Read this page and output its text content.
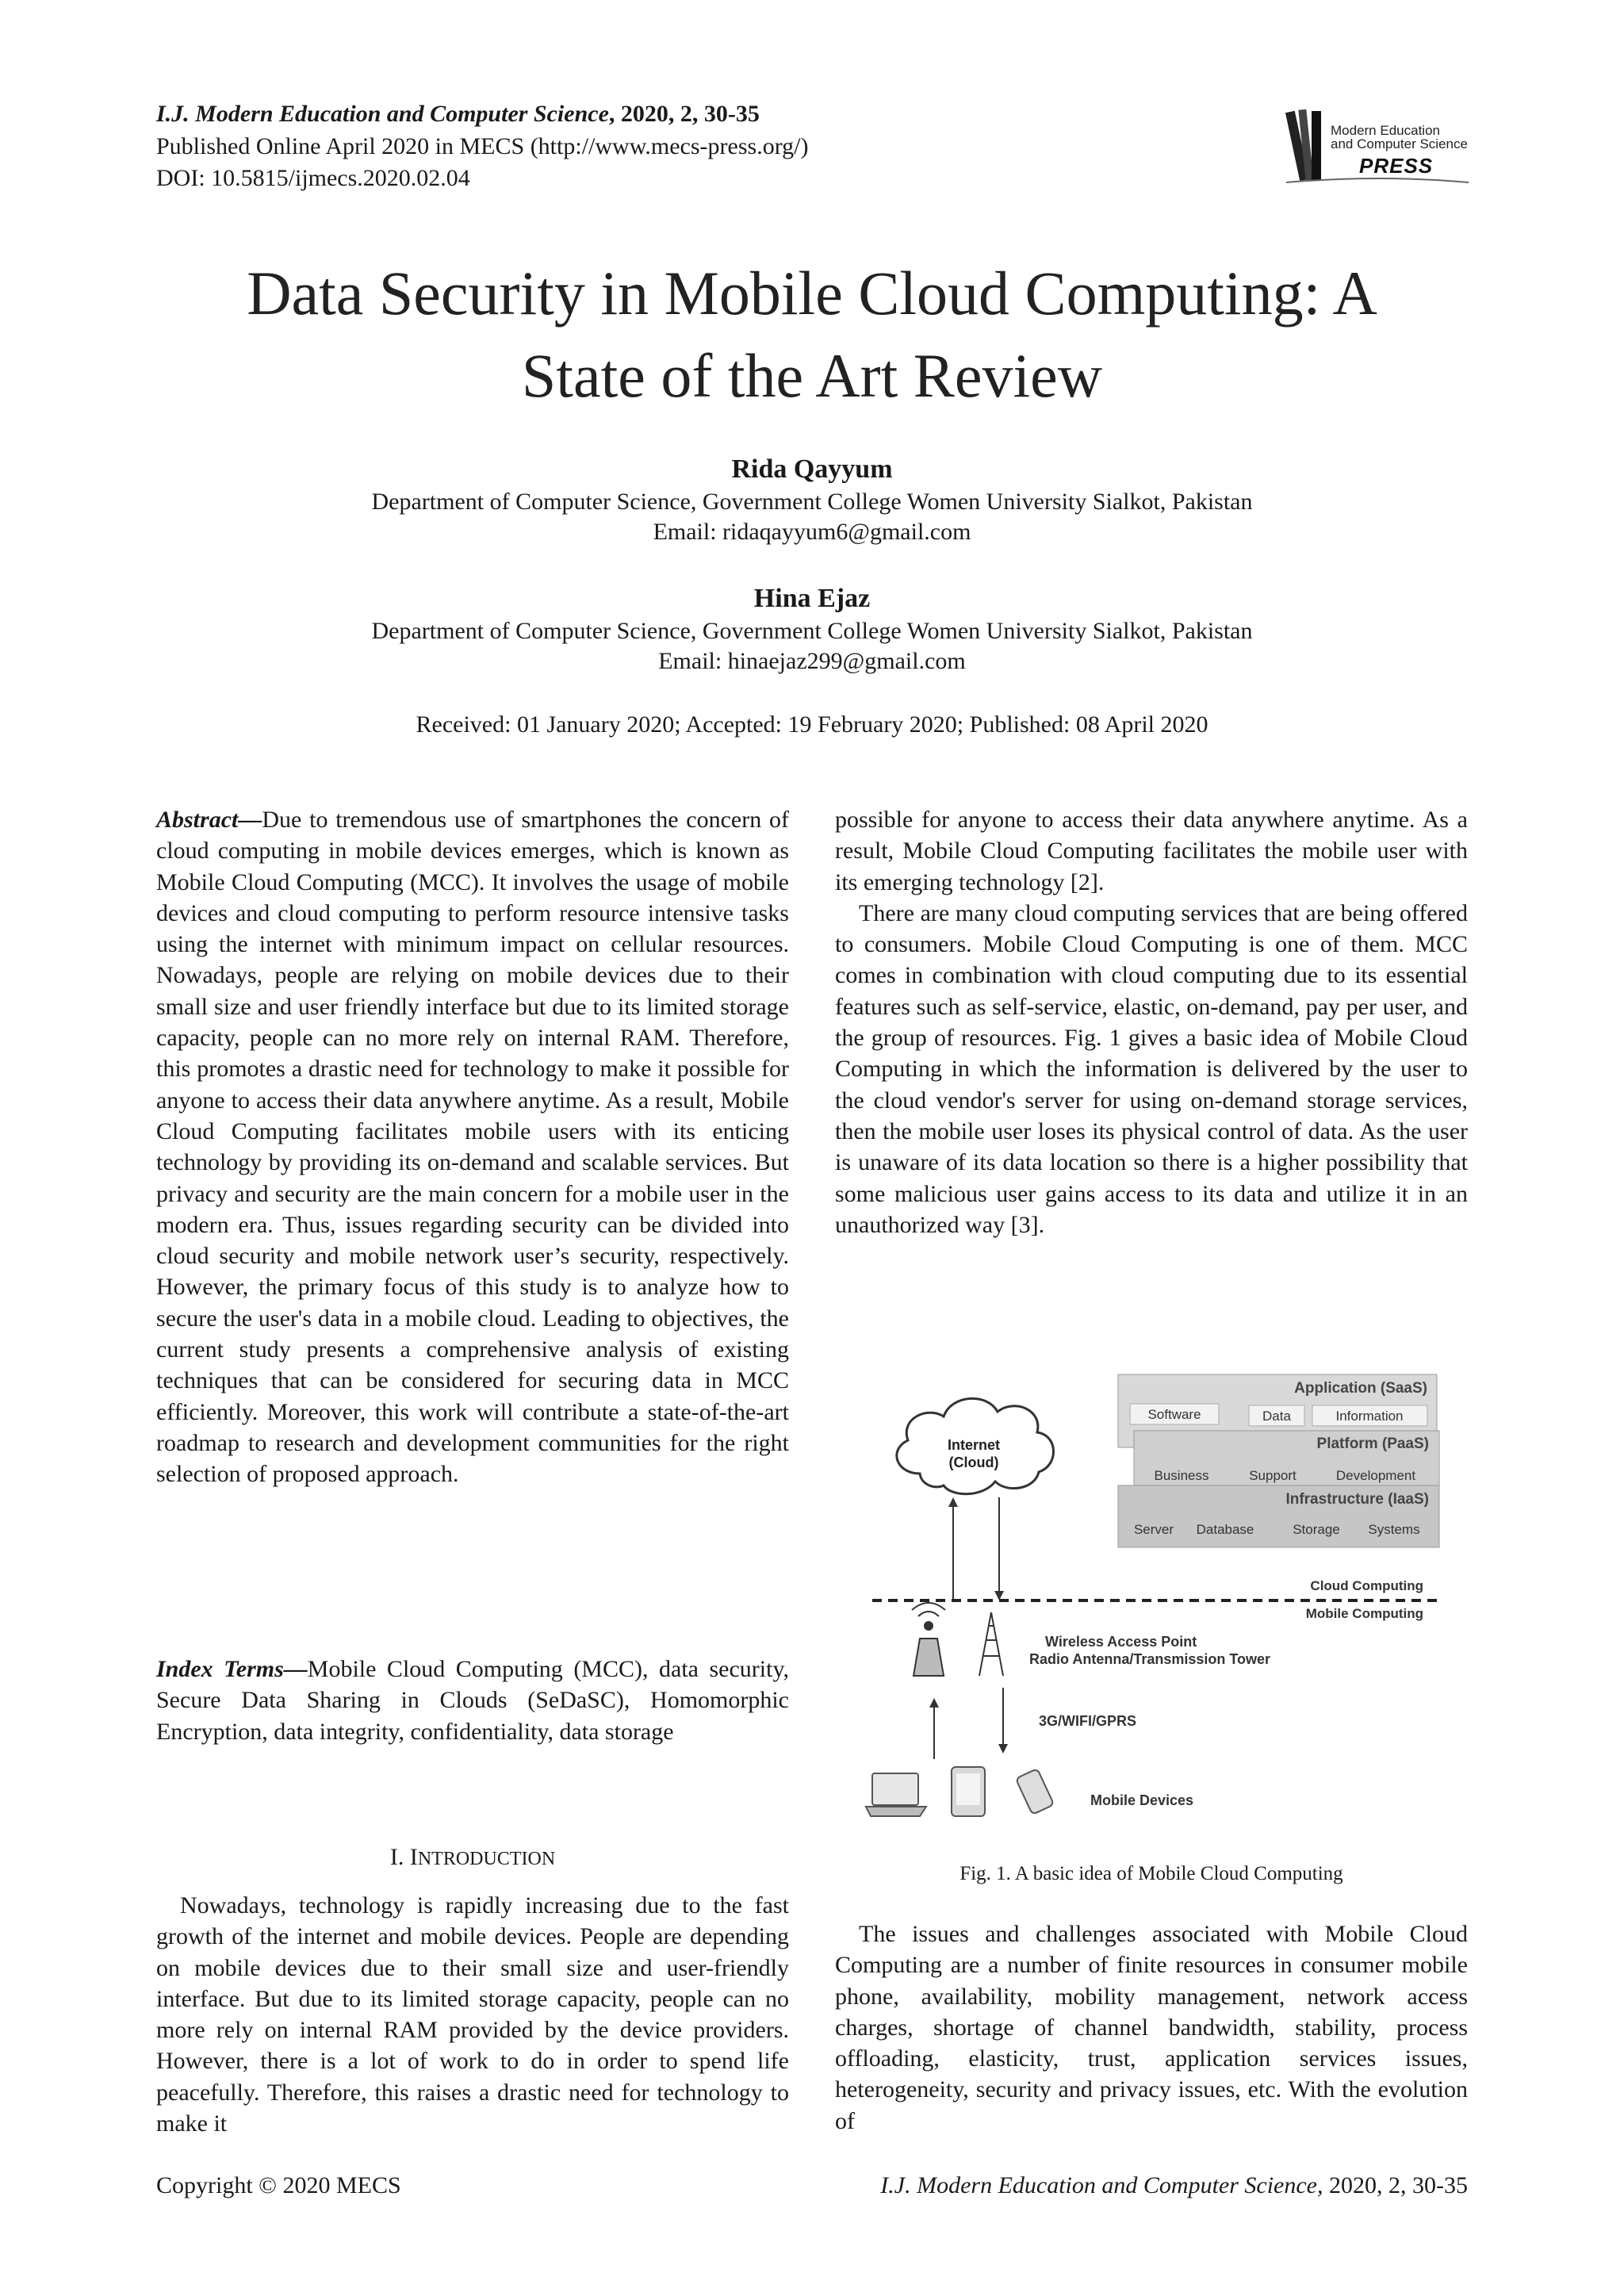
I.J. Modern Education and Computer Science, 2020, 2, 30-35
Published Online April 2020 in MECS (http://www.mecs-press.org/)
DOI: 10.5815/ijmecs.2020.02.04
Modern Education
and Computer Science
PRESS
Data Security in Mobile Cloud Computing: A
State of the Art Review
Rida Qayyum
Department of Computer Science, Government College Women University Sialkot, Pakistan
Email: ridaqayyum6@gmail.com
Hina Ejaz
Department of Computer Science, Government College Women University Sialkot, Pakistan
Email: hinaejaz299@gmail.com
Received: 01 January 2020; Accepted: 19 February 2020; Published: 08 April 2020

Abstract—Due to tremendous use of smartphones the concern of cloud computing in mobile devices emerges, which is known as Mobile Cloud Computing (MCC). It involves the usage of mobile devices and cloud computing to perform resource intensive tasks using the internet with minimum impact on cellular resources. Nowadays, people are relying on mobile devices due to their small size and user friendly interface but due to its limited storage capacity, people can no more rely on internal RAM. Therefore, this promotes a drastic need for technology to make it possible for anyone to access their data anywhere anytime. As a result, Mobile Cloud Computing facilitates mobile users with its enticing technology by providing its on-demand and scalable services. But privacy and security are the main concern for a mobile user in the modern era. Thus, issues regarding security can be divided into cloud security and mobile network user’s security, respectively. However, the primary focus of this study is to analyze how to secure the user's data in a mobile cloud. Leading to objectives, the current study presents a comprehensive analysis of existing techniques that can be considered for securing data in MCC efficiently. Moreover, this work will contribute a state-of-the-art roadmap to research and development communities for the right selection of proposed approach.

Index Terms—Mobile Cloud Computing (MCC), data security, Secure Data Sharing in Clouds (SeDaSC), Homomorphic Encryption, data integrity, confidentiality, data storage

I. INTRODUCTION

Nowadays, technology is rapidly increasing due to the fast growth of the internet and mobile devices. People are depending on mobile devices due to their small size and user-friendly interface. But due to its limited storage capacity, people can no more rely on internal RAM provided by the device providers. However, there is a lot of work to do in order to spend life peacefully. Therefore, this raises a drastic need for technology to make it

possible for anyone to access their data anywhere anytime. As a result, Mobile Cloud Computing facilitates the mobile user with its emerging technology [2].

There are many cloud computing services that are being offered to consumers. Mobile Cloud Computing is one of them. MCC comes in combination with cloud computing due to its essential features such as self-service, elastic, on-demand, pay per user, and the group of resources. Fig. 1 gives a basic idea of Mobile Cloud Computing in which the information is delivered by the user to the cloud vendor's server for using on-demand storage services, then the mobile user loses its physical control of data. As the user is unaware of its data location so there is a higher possibility that some malicious user gains access to its data and utilize it in an unauthorized way [3].

Internet
(Cloud)
Application (SaaS)
Software	Data	Information
Platform (PaaS)
Business	Support	Development
Infrastructure (IaaS)
Server Database	Storage Systems
Cloud Computing
Mobile Computing
Wireless Access Point
Radio Antenna/Transmission Tower
3G/WIFI/GPRS
Mobile Devices
Fig. 1. A basic idea of Mobile Cloud Computing

The issues and challenges associated with Mobile Cloud Computing are a number of finite resources in consumer mobile phone, availability, mobility management, network access charges, shortage of channel bandwidth, stability, process offloading, elasticity, trust, application services issues, heterogeneity, security and privacy issues, etc. With the evolution of

Copyright © 2020 MECS	I.J. Modern Education and Computer Science, 2020, 2, 30-35
